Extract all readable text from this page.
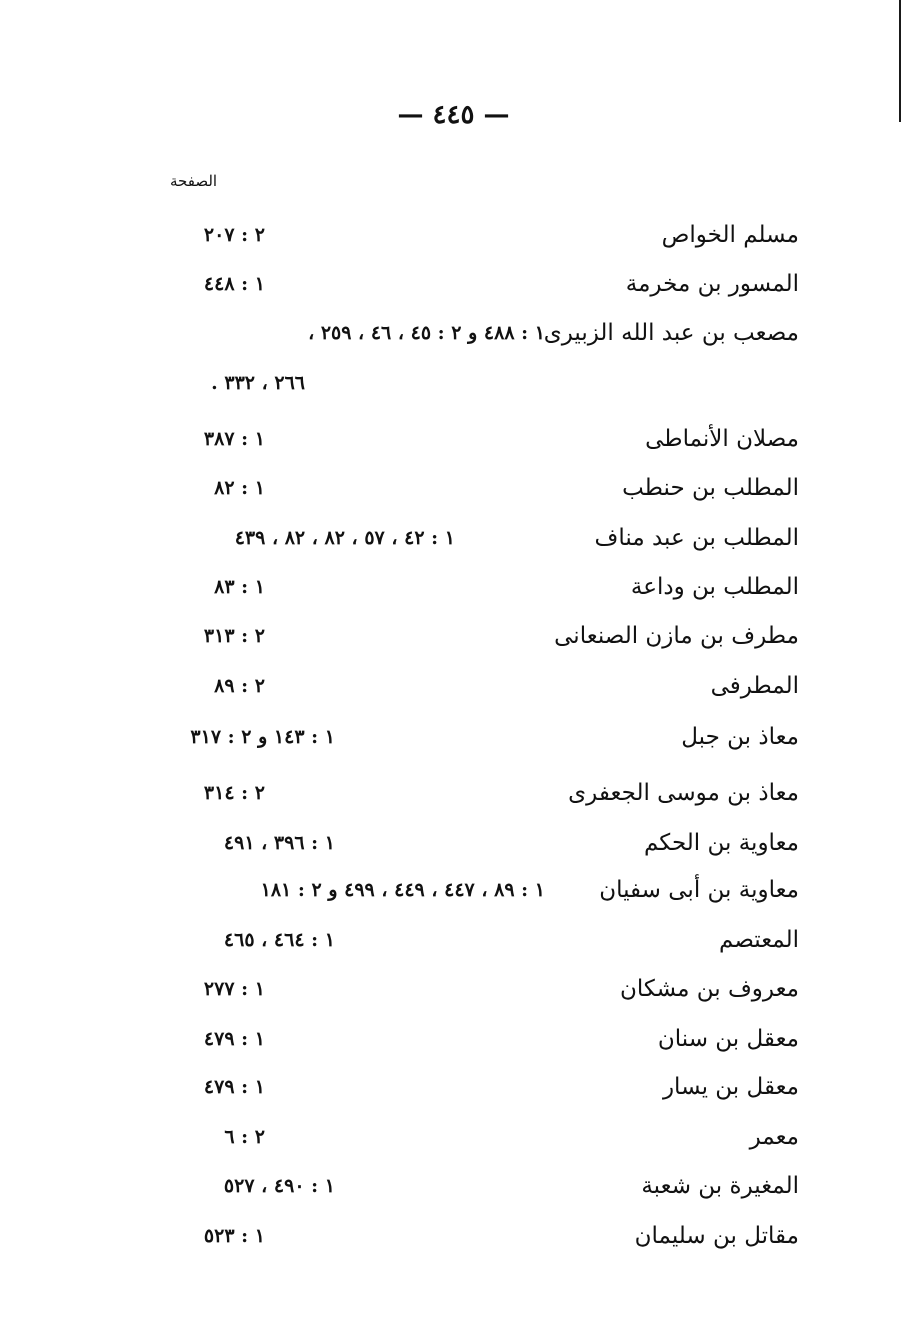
— ٤٤٥ —
الصفحة
مسلم الخواص
٢ : ٢٠٧
المسور بن مخرمة
١ : ٤٤٨
مصعب بن عبد الله الزبيرى
١ : ٤٨٨ و ٢ : ٤٥ ، ٤٦ ، ٢٥٩ ،
٢٦٦ ، ٣٣٢ .
مصلان الأنماطى
١ : ٣٨٧
المطلب بن حنطب
١ : ٨٢
المطلب بن عبد مناف
١ : ٤٢ ، ٥٧ ، ٨٢ ، ٨٢ ، ٤٣٩
المطلب بن وداعة
١ : ٨٣
مطرف بن مازن الصنعانى
٢ : ٣١٣
المطرفى
٢ : ٨٩
معاذ بن جبل
١ : ١٤٣ و ٢ : ٣١٧
معاذ بن موسى الجعفرى
٢ : ٣١٤
معاوية بن الحكم
١ : ٣٩٦ ، ٤٩١
معاوية بن أبى سفيان
١ : ٨٩ ، ٤٤٧ ، ٤٤٩ ، ٤٩٩ و ٢ : ١٨١
المعتصم
١ : ٤٦٤ ، ٤٦٥
معروف بن مشكان
١ : ٢٧٧
معقل بن سنان
١ : ٤٧٩
معقل بن يسار
١ : ٤٧٩
معمر
٢ : ٦
المغيرة بن شعبة
١ : ٤٩٠ ، ٥٢٧
مقاتل بن سليمان
١ : ٥٢٣
